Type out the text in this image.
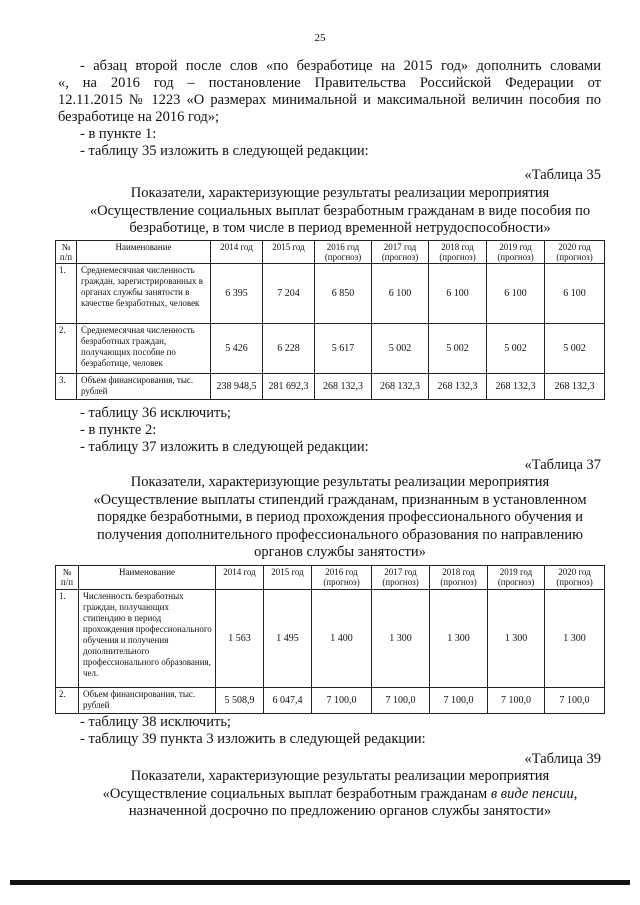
25
- абзац второй после слов «по безработице на 2015 год» дополнить словами
«, на 2016 год – постановление Правительства Российской Федерации от
12.11.2015 № 1223 «О размерах минимальной и максимальной величин пособия по
безработице на 2016 год»;
- в пункте 1:
- таблицу 35 изложить в следующей редакции:
«Таблица 35
Показатели, характеризующие результаты реализации мероприятия
«Осуществление социальных выплат безработным гражданам в виде пособия по
безработице, в том числе в период временной нетрудоспособности»
№ п/п	Наименование	2014 год	2015 год	2016 год (прогноз)	2017 год (прогноз)	2018 год (прогноз)	2019 год (прогноз)	2020 год (прогноз)
1.	Среднемесячная численность граждан, зарегистрированных в органах службы занятости в качестве безработных, человек	6 395	7 204	6 850	6 100	6 100	6 100	6 100
2.	Среднемесячная численность безработных граждан, получающих пособие по безработице, человек	5 426	6 228	5 617	5 002	5 002	5 002	5 002
3.	Объем финансирования, тыс. рублей	238 948,5	281 692,3	268 132,3	268 132,3	268 132,3	268 132,3	268 132,3
- таблицу 36 исключить;
- в пункте 2:
- таблицу 37 изложить в следующей редакции:
«Таблица 37
Показатели, характеризующие результаты реализации мероприятия
«Осуществление выплаты стипендий гражданам, признанным в установленном
порядке безработными, в период прохождения профессионального обучения и
получения дополнительного профессионального образования по направлению
органов службы занятости»
№ п/п	Наименование	2014 год	2015 год	2016 год (прогноз)	2017 год (прогноз)	2018 год (прогноз)	2019 год (прогноз)	2020 год (прогноз)
1.	Численность безработных граждан, получающих стипендию в период прохождения профессионального обучения и получения дополнительного профессионального образования, чел.	1 563	1 495	1 400	1 300	1 300	1 300	1 300
2.	Объем финансирования, тыс. рублей	5 508,9	6 047,4	7 100,0	7 100,0	7 100,0	7 100,0	7 100,0
- таблицу 38 исключить;
- таблицу 39 пункта 3 изложить в следующей редакции:
«Таблица 39
Показатели, характеризующие результаты реализации мероприятия
«Осуществление социальных выплат безработным гражданам в виде пенсии,
назначенной досрочно по предложению органов службы занятости»
